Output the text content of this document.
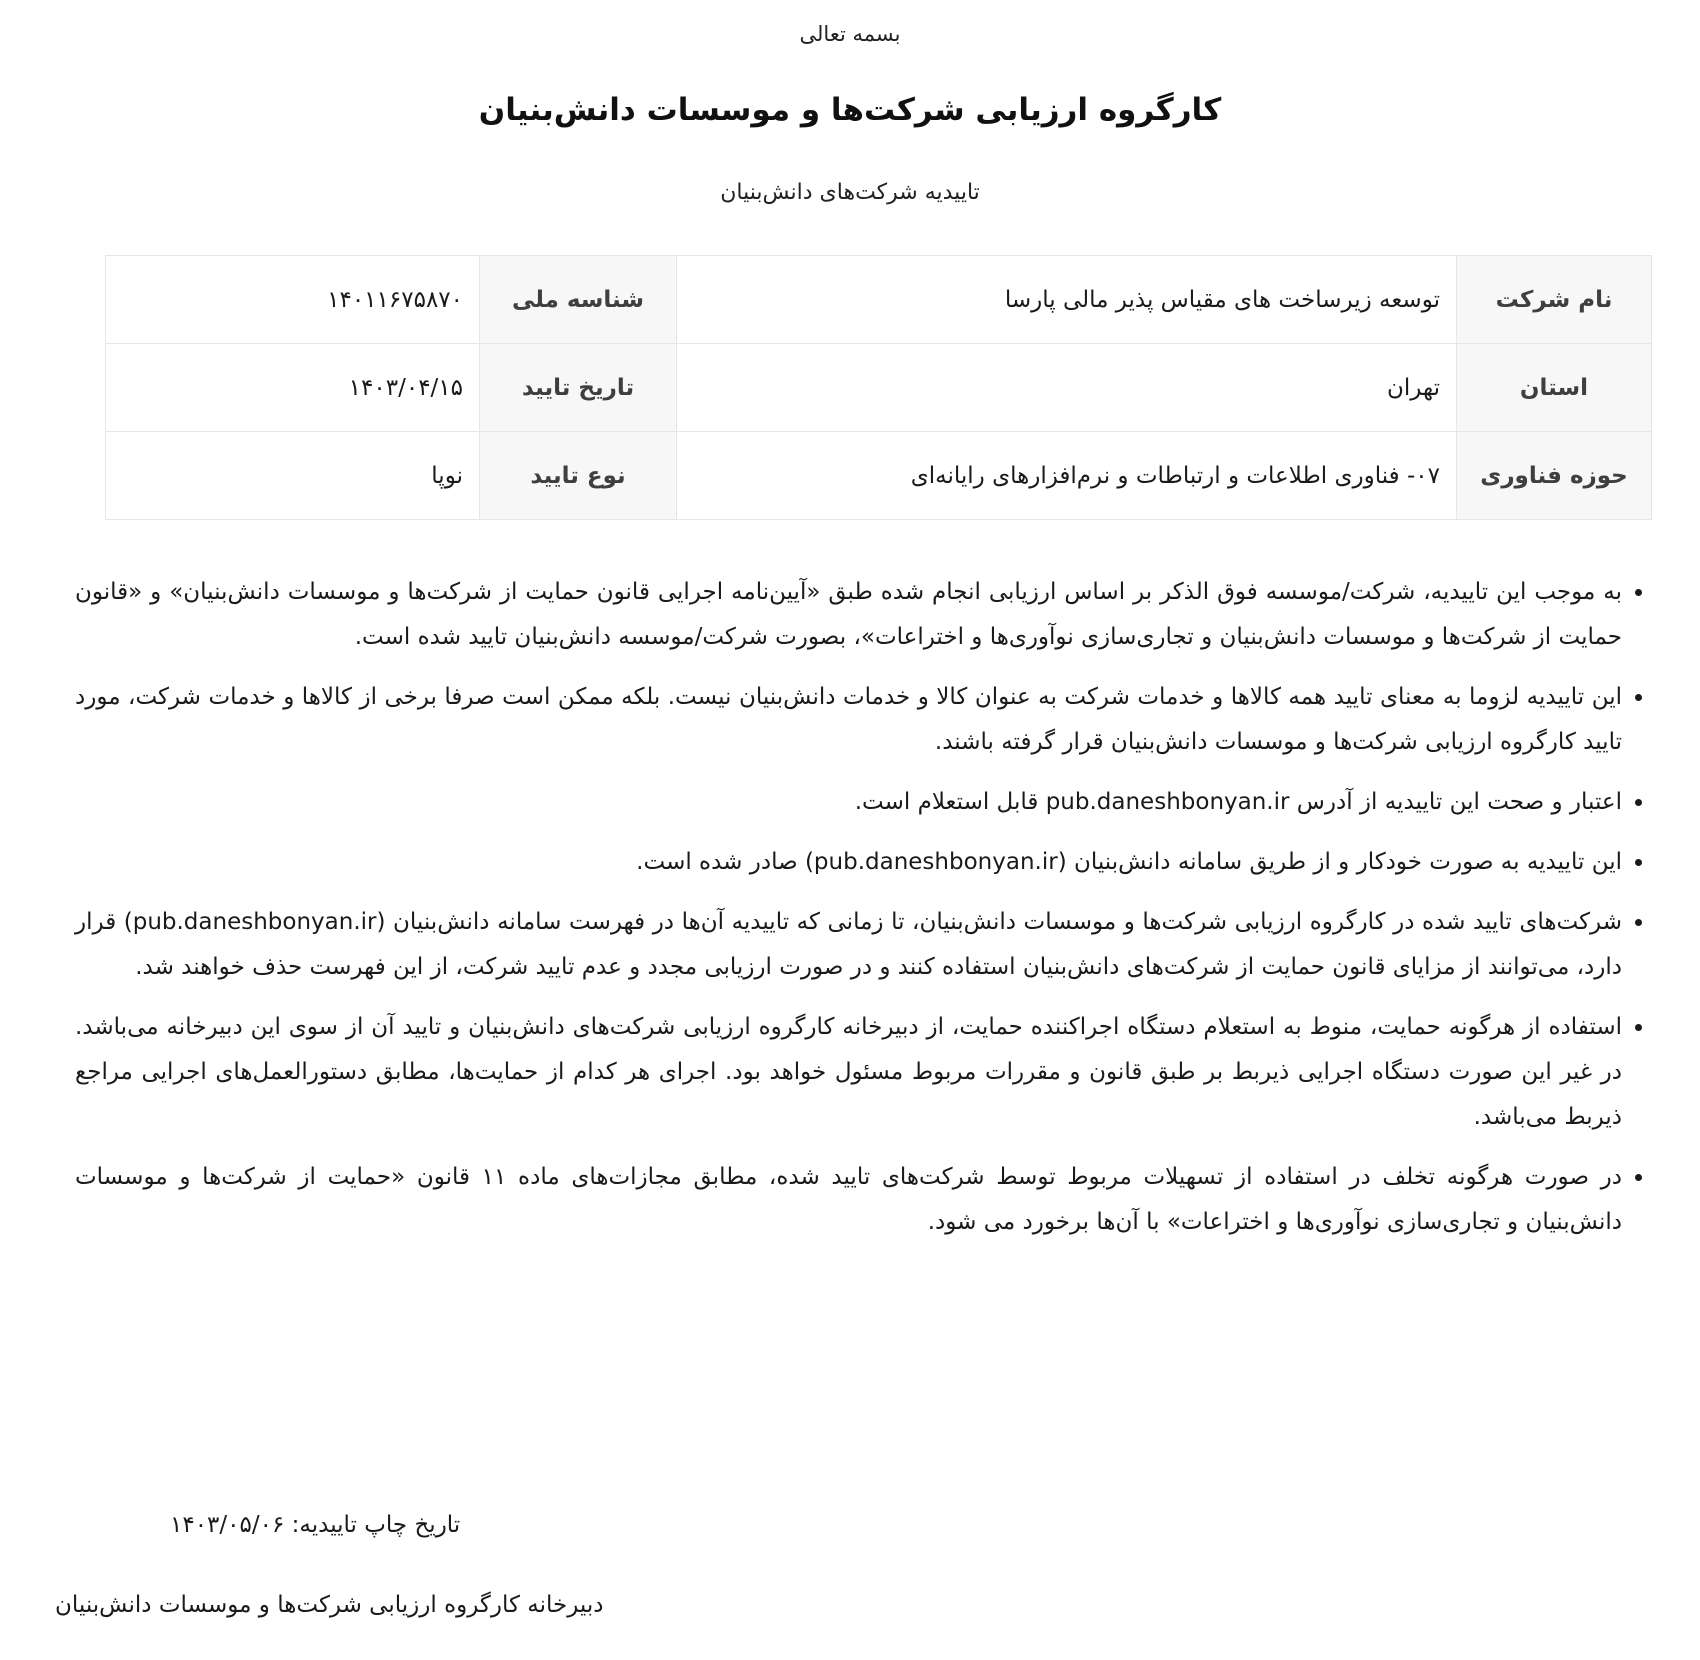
بسمه تعالی
کارگروه ارزیابی شرکت‌ها و موسسات دانش‌بنیان
تاییدیه شرکت‌های دانش‌بنیان
نام شرکت	توسعه زیرساخت های مقیاس پذیر مالی پارسا	شناسه ملی	۱۴۰۱۱۶۷۵۸۷۰
استان	تهران	تاریخ تایید	۱۴۰۳/۰۴/۱۵
حوزه فناوری	۰۷- فناوری اطلاعات و ارتباطات و نرم‌افزارهای رایانه‌ای	نوع تایید	نوپا
• به موجب این تاییدیه، شرکت/موسسه فوق الذکر بر اساس ارزیابی انجام شده طبق «آیین‌نامه اجرایی قانون حمایت از شرکت‌ها و موسسات دانش‌بنیان» و «قانون حمایت از شرکت‌ها و موسسات دانش‌بنیان و تجاری‌سازی نوآوری‌ها و اختراعات»، بصورت شرکت/موسسه دانش‌بنیان تایید شده است.
• این تاییدیه لزوما به معنای تایید همه کالاها و خدمات شرکت به عنوان کالا و خدمات دانش‌بنیان نیست. بلکه ممکن است صرفا برخی از کالاها و خدمات شرکت، مورد تایید کارگروه ارزیابی شرکت‌ها و موسسات دانش‌بنیان قرار گرفته باشند.
• اعتبار و صحت این تاییدیه از آدرس pub.daneshbonyan.ir قابل استعلام است.
• این تاییدیه به صورت خودکار و از طریق سامانه دانش‌بنیان (pub.daneshbonyan.ir) صادر شده است.
• شرکت‌های تایید شده در کارگروه ارزیابی شرکت‌ها و موسسات دانش‌بنیان، تا زمانی که تاییدیه آن‌ها در فهرست سامانه دانش‌بنیان (pub.daneshbonyan.ir) قرار دارد، می‌توانند از مزایای قانون حمایت از شرکت‌های دانش‌بنیان استفاده کنند و در صورت ارزیابی مجدد و عدم تایید شرکت، از این فهرست حذف خواهند شد.
• استفاده از هرگونه حمایت، منوط به استعلام دستگاه اجراکننده حمایت، از دبیرخانه کارگروه ارزیابی شرکت‌های دانش‌بنیان و تایید آن از سوی این دبیرخانه می‌باشد. در غیر این صورت دستگاه اجرایی ذیربط بر طبق قانون و مقررات مربوط مسئول خواهد بود. اجرای هر کدام از حمایت‌ها، مطابق دستورالعمل‌های اجرایی مراجع ذیربط می‌باشد.
• در صورت هرگونه تخلف در استفاده از تسهیلات مربوط توسط شرکت‌های تایید شده، مطابق مجازات‌های ماده ۱۱ قانون «حمایت از شرکت‌ها و موسسات دانش‌بنیان و تجاری‌سازی نوآوری‌ها و اختراعات» با آن‌ها برخورد می شود.
تاریخ چاپ تاییدیه: ۱۴۰۳/۰۵/۰۶
دبیرخانه کارگروه ارزیابی شرکت‌ها و موسسات دانش‌بنیان
